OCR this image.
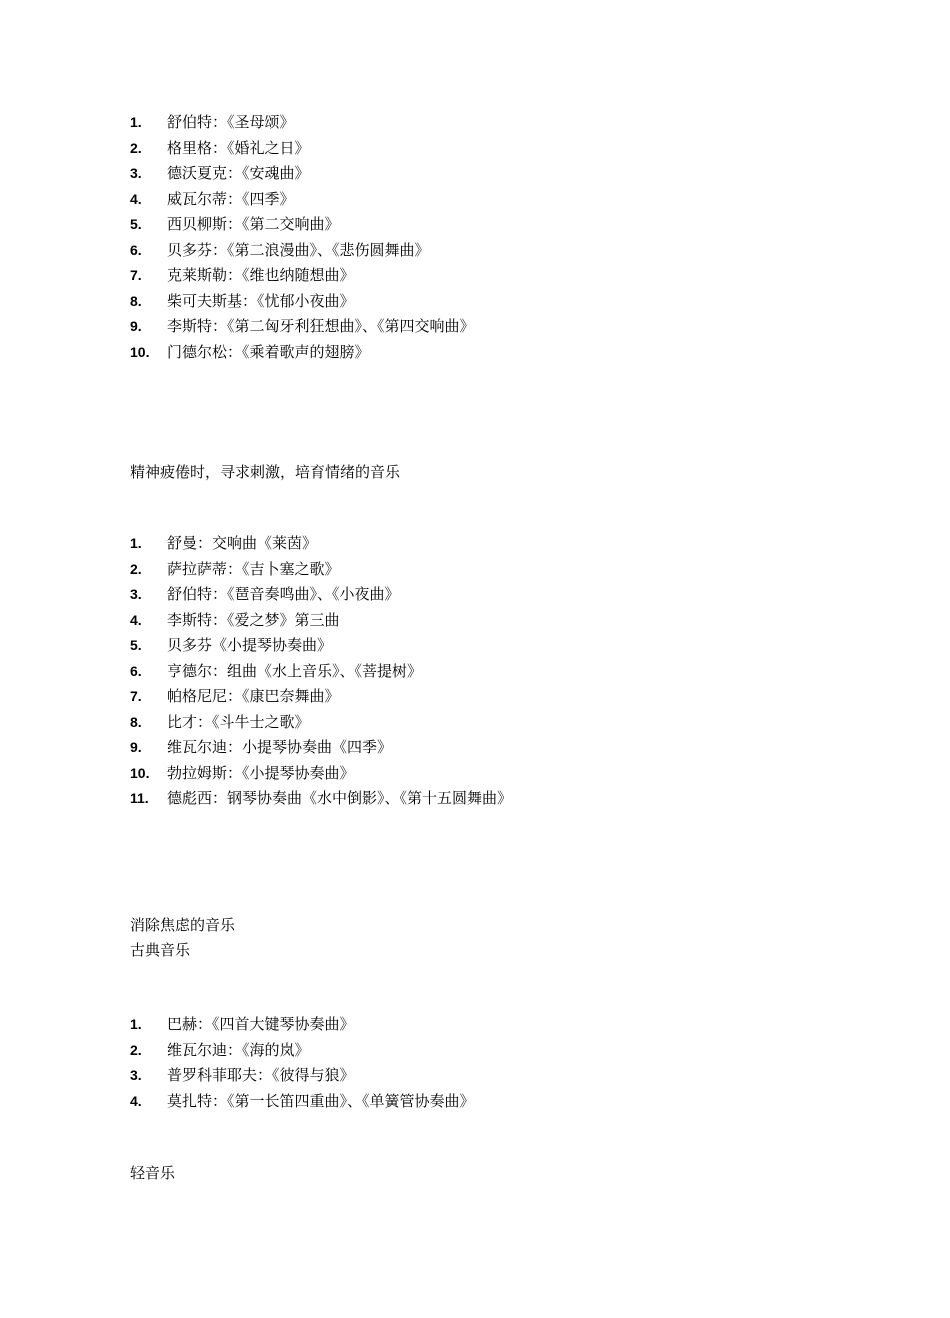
1. 舒伯特：《圣母颂》
2. 格里格：《婚礼之日》
3. 德沃夏克：《安魂曲》
4. 威瓦尔蒂：《四季》
5. 西贝柳斯：《第二交响曲》
6. 贝多芬：《第二浪漫曲》、《悲伤圆舞曲》
7. 克莱斯勒：《维也纳随想曲》
8. 柴可夫斯基：《忧郁小夜曲》
9. 李斯特：《第二匈牙利狂想曲》、《第四交响曲》
10. 门德尔松：《乘着歌声的翅膀》
精神疲倦时，寻求刺激，培育情绪的音乐
1. 舒曼：交响曲《莱茵》
2. 萨拉萨蒂：《吉卜塞之歌》
3. 舒伯特：《琶音奏鸣曲》、《小夜曲》
4. 李斯特：《爱之梦》第三曲
5. 贝多芬《小提琴协奏曲》
6. 亨德尔：组曲《水上音乐》、《菩提树》
7. 帕格尼尼：《康巴奈舞曲》
8. 比才：《斗牛士之歌》
9. 维瓦尔迪：小提琴协奏曲《四季》
10. 勃拉姆斯：《小提琴协奏曲》
11. 德彪西：钢琴协奏曲《水中倒影》、《第十五圆舞曲》
消除焦虑的音乐
古典音乐
1. 巴赫：《四首大键琴协奏曲》
2. 维瓦尔迪：《海的岚》
3. 普罗科菲耶夫：《彼得与狼》
4. 莫扎特：《第一长笛四重曲》、《单簧管协奏曲》
轻音乐
